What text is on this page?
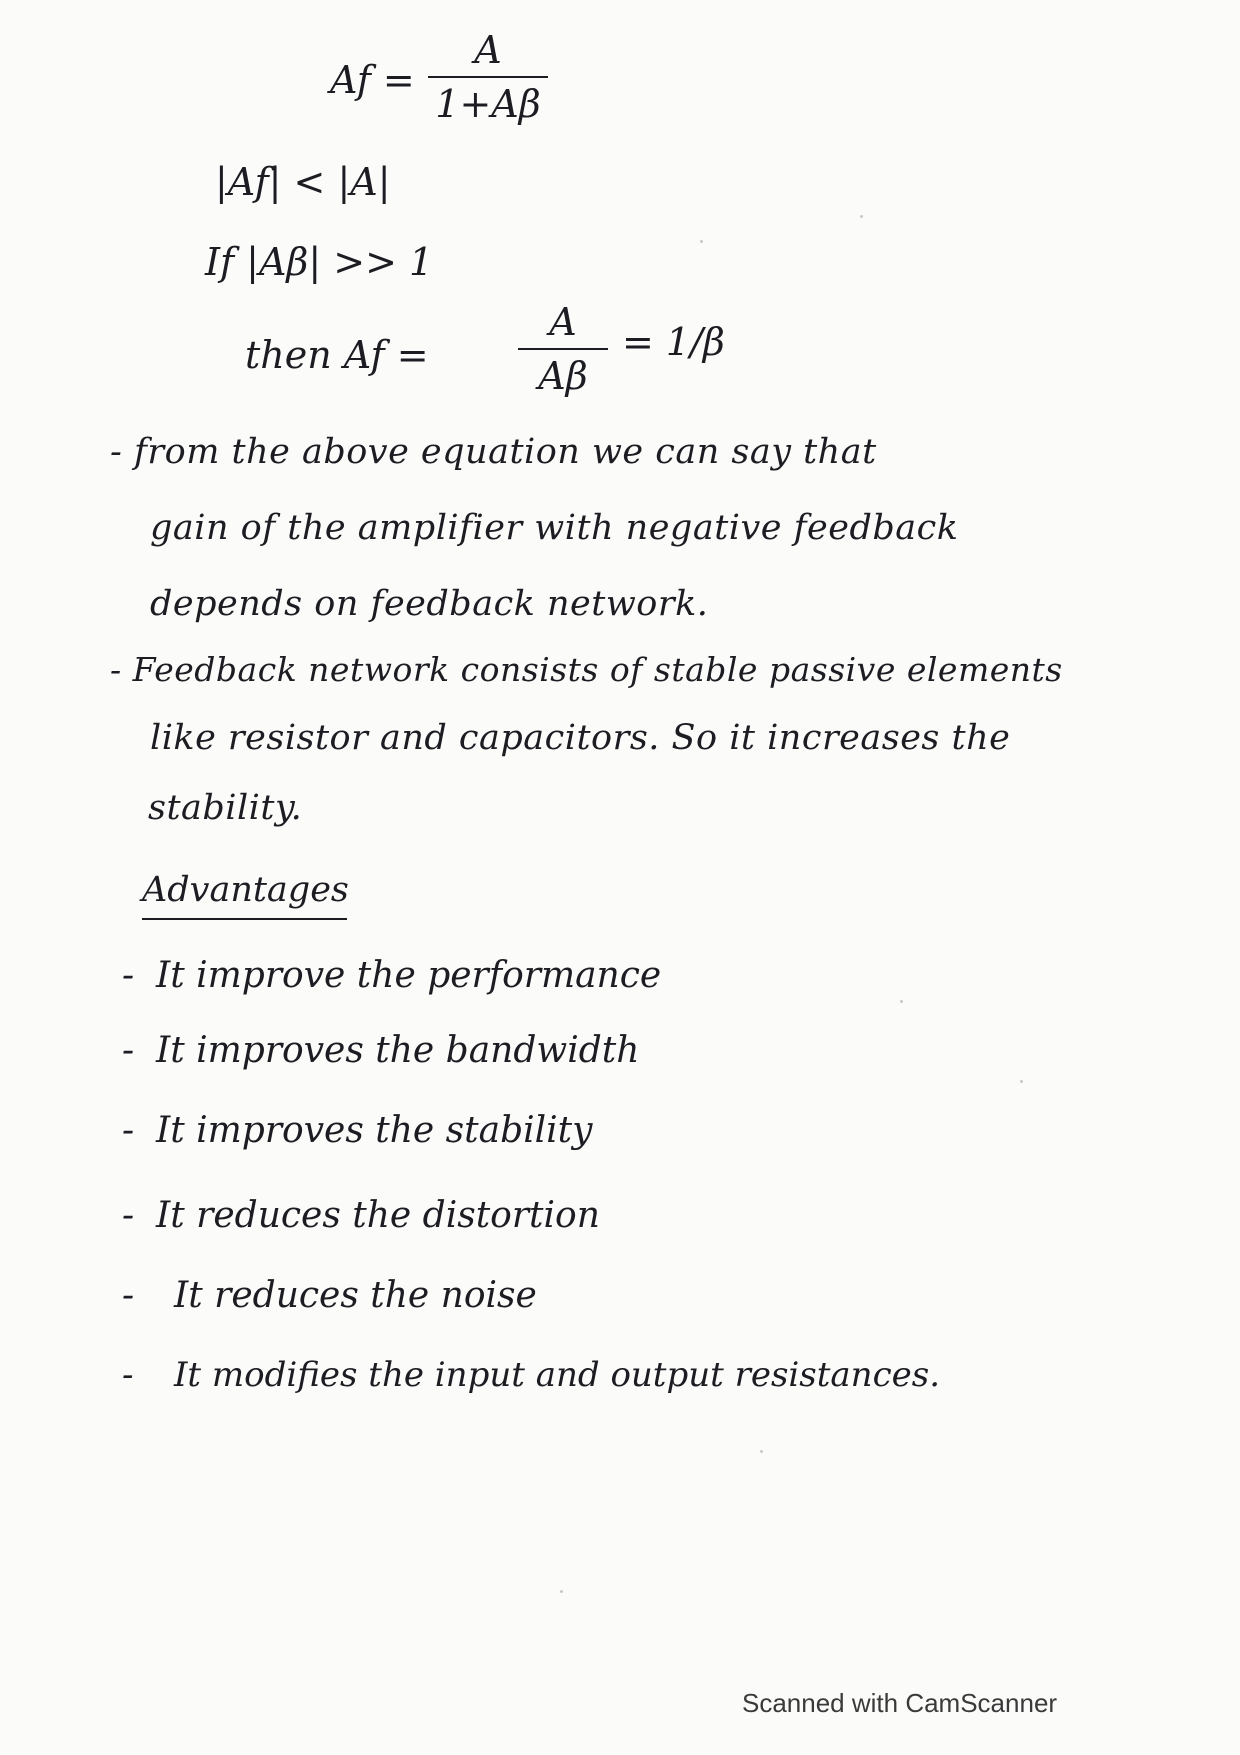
Af =
A
1+Aβ
|Af| < |A|
If |Aβ| >> 1
then Af =
A
Aβ
= 1/β
- from the above equation we can say that
gain of the amplifier with negative feedback
depends on feedback network.
- Feedback network consists of stable passive elements
like resistor and capacitors. So it increases the
stability.
Advantages
- It improve the performance
- It improves the bandwidth
- It improves the stability
- It reduces the distortion
- It reduces the noise
- It modifies the input and output resistances.
Scanned with CamScanner
